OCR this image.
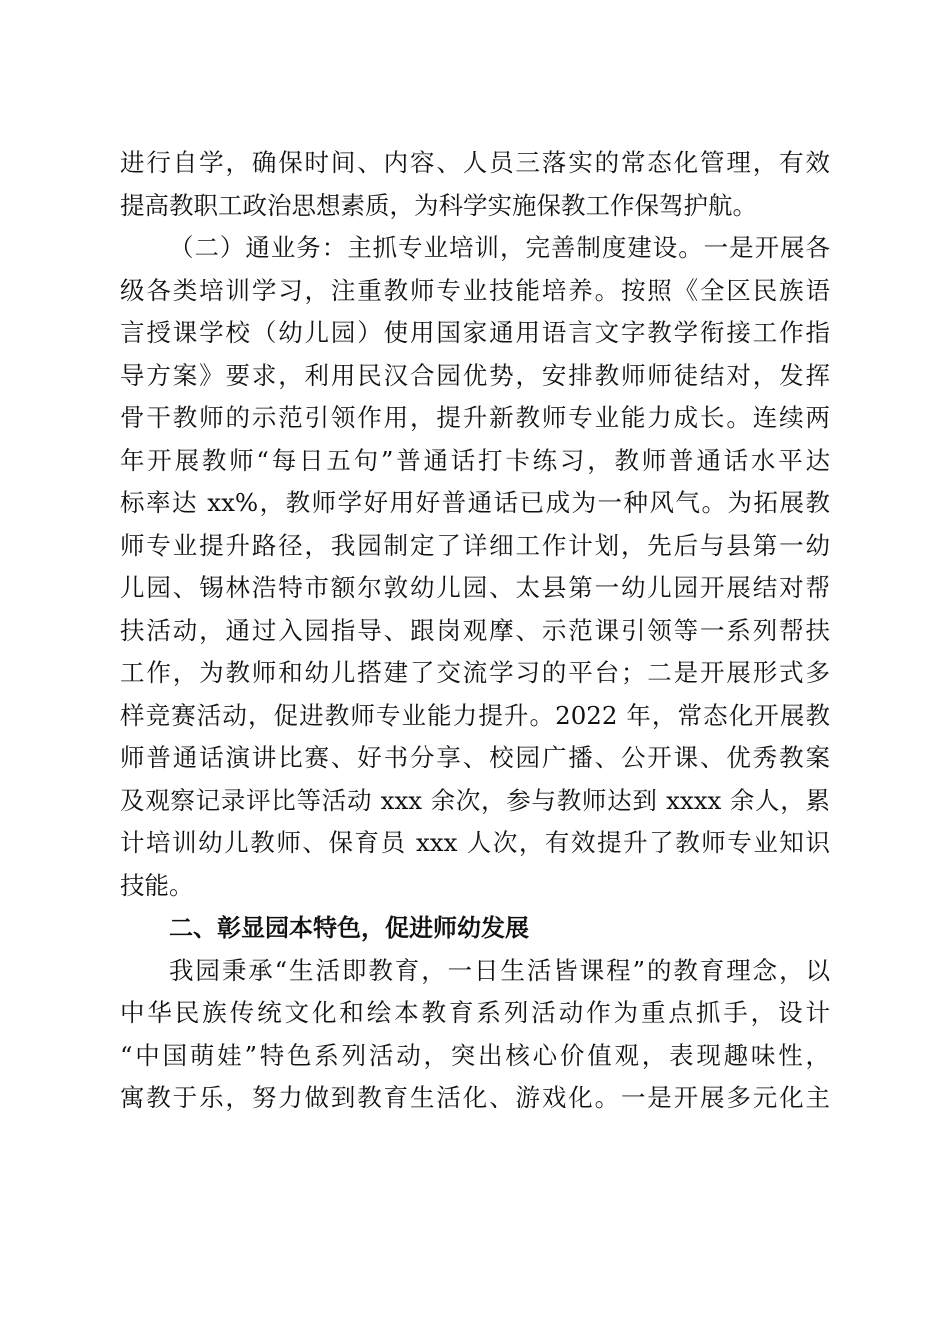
进行自学，确保时间、内容、人员三落实的常态化管理，有效
提高教职工政治思想素质，为科学实施保教工作保驾护航。
（二）通业务：主抓专业培训，完善制度建设。一是开展各
级各类培训学习，注重教师专业技能培养。按照《全区民族语
言授课学校（幼儿园）使用国家通用语言文字教学衔接工作指
导方案》要求，利用民汉合园优势，安排教师师徒结对，发挥
骨干教师的示范引领作用，提升新教师专业能力成长。连续两
年开展教师“每日五句”普通话打卡练习，教师普通话水平达
标率达 xx%，教师学好用好普通话已成为一种风气。为拓展教
师专业提升路径，我园制定了详细工作计划，先后与县第一幼
儿园、锡林浩特市额尔敦幼儿园、太县第一幼儿园开展结对帮
扶活动，通过入园指导、跟岗观摩、示范课引领等一系列帮扶
工作，为教师和幼儿搭建了交流学习的平台；二是开展形式多
样竞赛活动，促进教师专业能力提升。2022 年，常态化开展教
师普通话演讲比赛、好书分享、校园广播、公开课、优秀教案
及观察记录评比等活动 xxx 余次，参与教师达到 xxxx 余人，累
计培训幼儿教师、保育员 xxx 人次，有效提升了教师专业知识
技能。
二、彰显园本特色，促进师幼发展
我园秉承“生活即教育，一日生活皆课程”的教育理念，以
中华民族传统文化和绘本教育系列活动作为重点抓手，设计
“中国萌娃”特色系列活动，突出核心价值观，表现趣味性，
寓教于乐，努力做到教育生活化、游戏化。一是开展多元化主
